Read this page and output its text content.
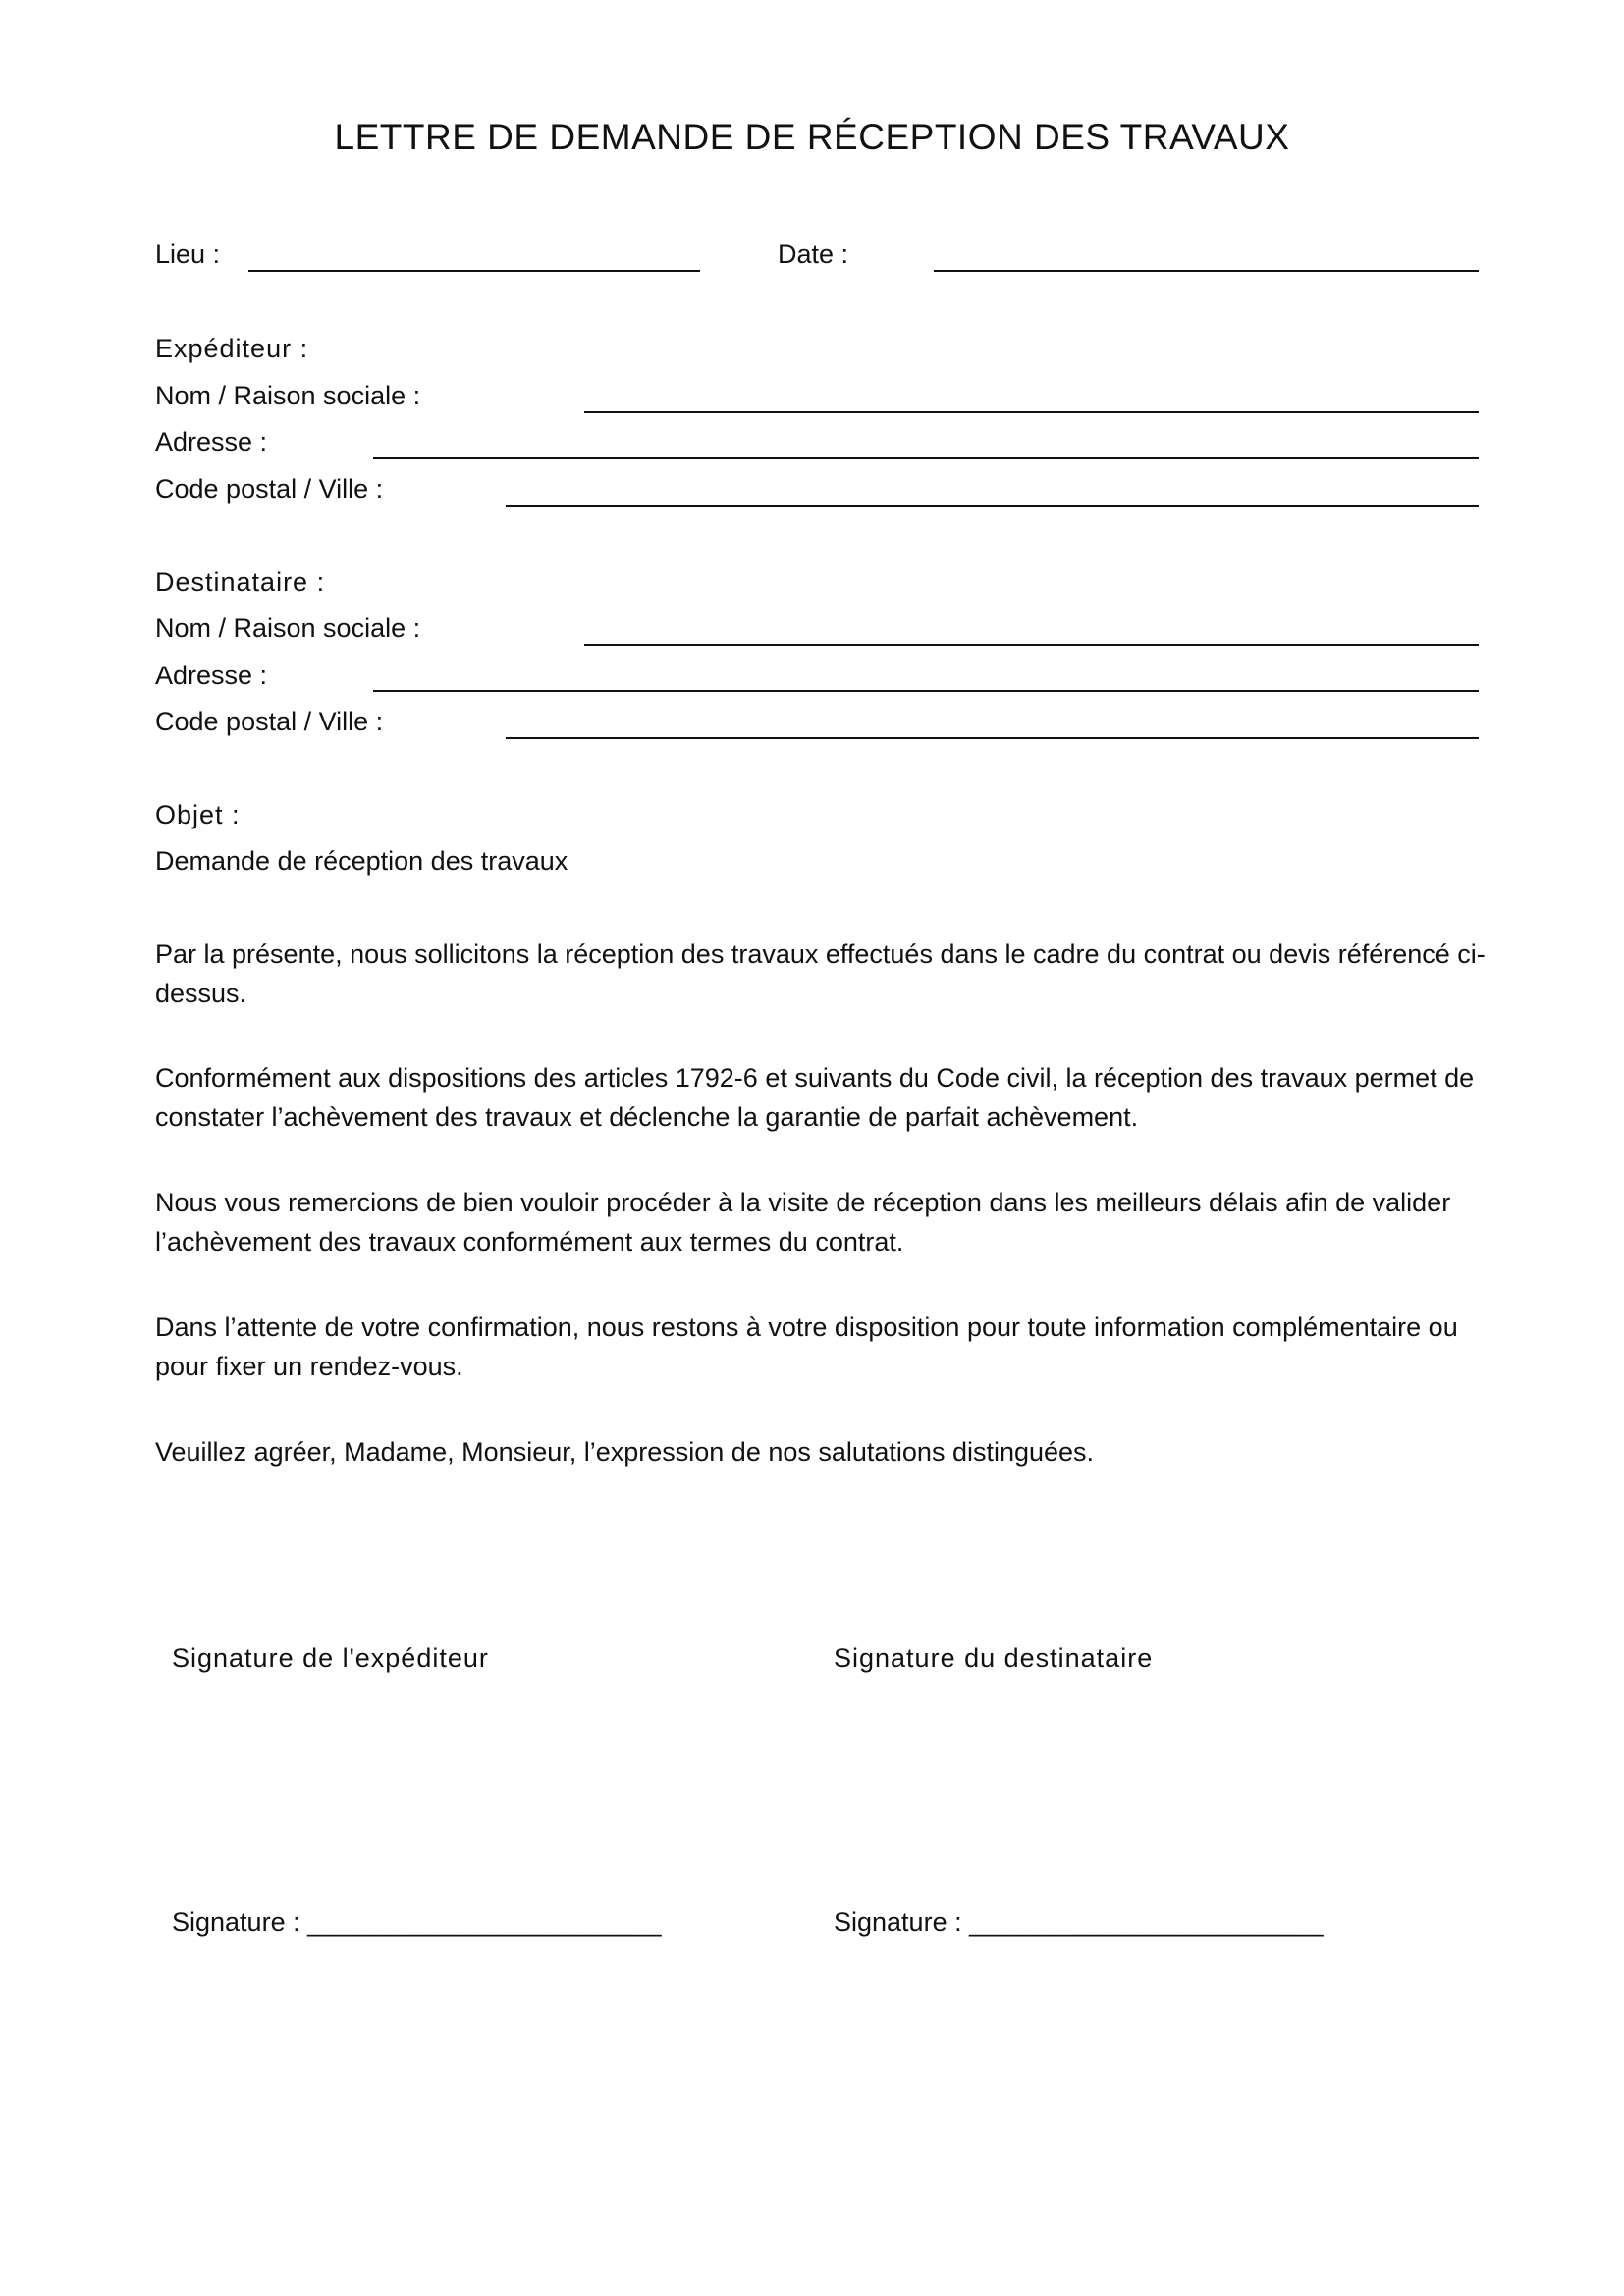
LETTRE DE DEMANDE DE RÉCEPTION DES TRAVAUX
Lieu :	Date :
Expéditeur :
Nom / Raison sociale :
Adresse :
Code postal / Ville :
Destinataire :
Nom / Raison sociale :
Adresse :
Code postal / Ville :
Objet :
Demande de réception des travaux
Par la présente, nous sollicitons la réception des travaux effectués dans le cadre du contrat ou devis référencé ci-dessus.
Conformément aux dispositions des articles 1792-6 et suivants du Code civil, la réception des travaux permet de constater l’achèvement des travaux et déclenche la garantie de parfait achèvement.
Nous vous remercions de bien vouloir procéder à la visite de réception dans les meilleurs délais afin de valider l’achèvement des travaux conformément aux termes du contrat.
Dans l’attente de votre confirmation, nous restons à votre disposition pour toute information complémentaire ou pour fixer un rendez-vous.
Veuillez agréer, Madame, Monsieur, l’expression de nos salutations distinguées.
Signature de l'expéditeur	Signature du destinataire
Signature : ________________________	Signature : ________________________
